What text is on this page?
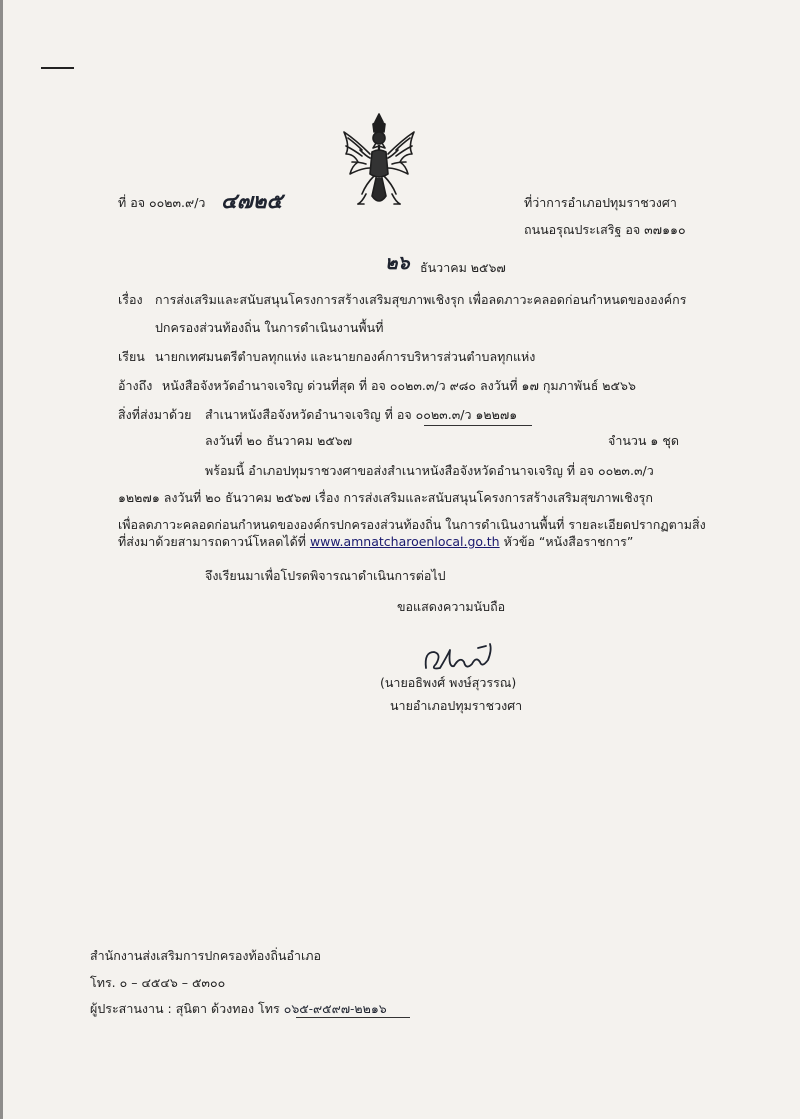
ที่ อจ ๐๐๒๓.๙/ว ๔๗๒๕	ที่ว่าการอำเภอปทุมราชวงศา
ถนนอรุณประเสริฐ อจ ๓๗๑๑๐
๒๖ ธันวาคม ๒๕๖๗
เรื่อง การส่งเสริมและสนับสนุนโครงการสร้างเสริมสุขภาพเชิงรุก เพื่อลดภาวะคลอดก่อนกำหนดขององค์กร
ปกครองส่วนท้องถิ่น ในการดำเนินงานพื้นที่
เรียน นายกเทศมนตรีตำบลทุกแห่ง และนายกองค์การบริหารส่วนตำบลทุกแห่ง
อ้างถึง หนังสือจังหวัดอำนาจเจริญ ด่วนที่สุด ที่ อจ ๐๐๒๓.๓/ว ๙๘๐ ลงวันที่ ๑๗ กุมภาพันธ์ ๒๕๖๖
สิ่งที่ส่งมาด้วย สำเนาหนังสือจังหวัดอำนาจเจริญ ที่ อจ ๐๐๒๓.๓/ว ๑๒๒๗๑
ลงวันที่ ๒๐ ธันวาคม ๒๕๖๗	จำนวน ๑ ชุด
พร้อมนี้ อำเภอปทุมราชวงศาขอส่งสำเนาหนังสือจังหวัดอำนาจเจริญ ที่ อจ ๐๐๒๓.๓/ว
๑๒๒๗๑ ลงวันที่ ๒๐ ธันวาคม ๒๕๖๗ เรื่อง การส่งเสริมและสนับสนุนโครงการสร้างเสริมสุขภาพเชิงรุก
เพื่อลดภาวะคลอดก่อนกำหนดขององค์กรปกครองส่วนท้องถิ่น ในการดำเนินงานพื้นที่ รายละเอียดปรากฏตามสิ่ง
ที่ส่งมาด้วยสามารถดาวน์โหลดได้ที่ www.amnatcharoenlocal.go.th หัวข้อ “หนังสือราชการ”
จึงเรียนมาเพื่อโปรดพิจารณาดำเนินการต่อไป
ขอแสดงความนับถือ
(นายอธิพงศ์ พงษ์สุวรรณ)
นายอำเภอปทุมราชวงศา
สำนักงานส่งเสริมการปกครองท้องถิ่นอำเภอ
โทร. ๐ – ๔๕๔๖ – ๕๓๐๐
ผู้ประสานงาน : สุนิตา ด้วงทอง โทร ๐๖๕-๙๕๙๗-๒๒๑๖
